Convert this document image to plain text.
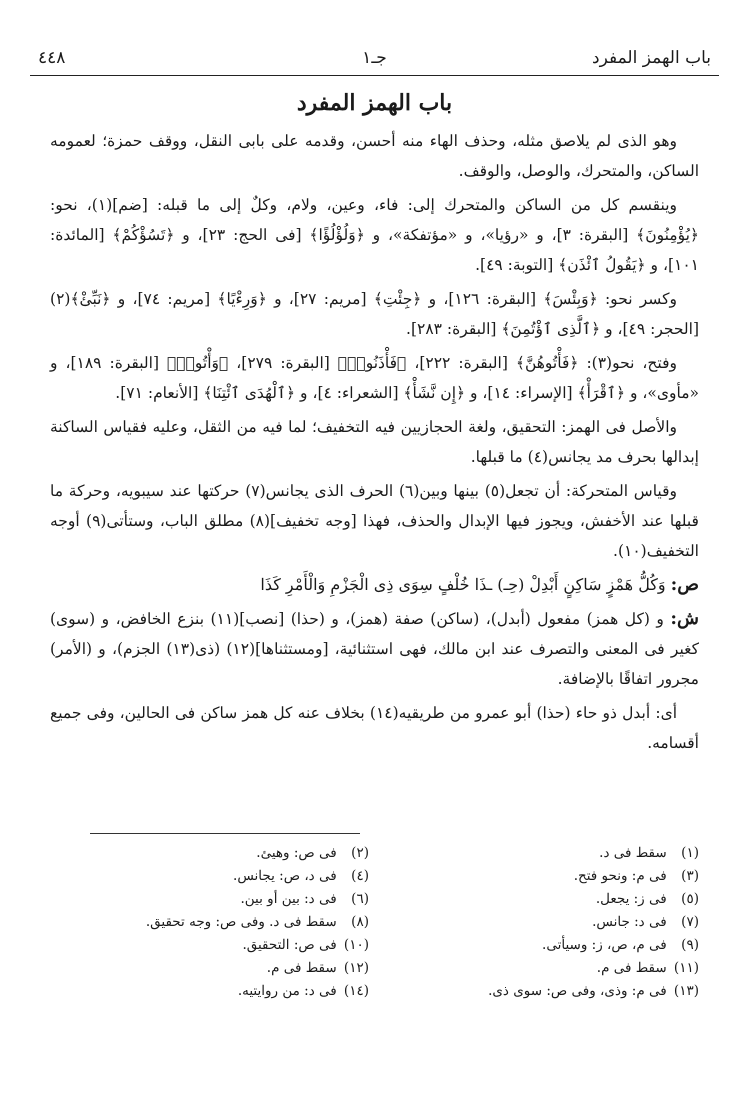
باب الهمز المفرد
جـ١
٤٤٨
باب الهمز المفرد

وهو الذى لم يلاصق مثله، وحذف الهاء منه أحسن، وقدمه على بابى النقل، ووقف حمزة؛ لعمومه الساكن، والمتحرك، والوصل، والوقف.

وينقسم كل من الساكن والمتحرك إلى: فاء، وعين، ولام، وكلٌ إلى ما قبله: [ضم](١)، نحو: ﴿يُؤْمِنُونَ﴾ [البقرة: ٣]، و «رؤيا»، و «مؤتفكة»، و ﴿وَلُؤْلُؤًا﴾ [فى الحج: ٢٣]، و ﴿تَسُؤْكُمْ﴾ [المائدة: ١٠١]، و ﴿يَقُولُ ٱئْذَن﴾ [التوبة: ٤٩].

وكسر نحو: ﴿وَبِئْسَ﴾ [البقرة: ١٢٦]، و ﴿جِئْتِ﴾ [مريم: ٢٧]، و ﴿وَرِءْيًا﴾ [مريم: ٧٤]، و ﴿نَبِّئْ﴾(٢) [الحجر: ٤٩]، و ﴿ٱلَّذِى ٱؤْتُمِنَ﴾ [البقرة: ٢٨٣].

وفتح، نحو(٣): ﴿فَأْتُوهُنَّ﴾ [البقرة: ٢٢٢]، ﴿فَأْذَنُوا۟﴾ [البقرة: ٢٧٩]، ﴿وَأْتُوا۟﴾ [البقرة: ١٨٩]، و «مأوى»، و ﴿ٱقْرَأْ﴾ [الإسراء: ١٤]، و ﴿إِن نَّشَأْ﴾ [الشعراء: ٤]، و ﴿ٱلْهُدَى ٱئْتِنَا﴾ [الأنعام: ٧١].

والأصل فى الهمز: التحقيق، ولغة الحجازيين فيه التخفيف؛ لما فيه من الثقل، وعليه فقياس الساكنة إبدالها بحرف مد يجانس(٤) ما قبلها.

وقياس المتحركة: أن تجعل(٥) بينها وبين(٦) الحرف الذى يجانس(٧) حركتها عند سيبويه، وحركة ما قبلها عند الأخفش، ويجوز فيها الإبدال والحذف، فهذا [وجه تخفيف](٨) مطلق الباب، وستأتى(٩) أوجه التخفيف(١٠).

ص: وَكُلُّ هَمْزٍ سَاكِنٍ أَبْدِلْ (حِـ) ـذَا خُلْفٍ سِوَى ذِى الْجَزْمِ وَالْأَمْرِ كَذَا

ش: و (كل همز) مفعول (أبدل)، (ساكن) صفة (همز)، و (حذا) [نصب](١١) بنزع الخافض، و (سوى) كغير فى المعنى والتصرف عند ابن مالك، فهى استثنائية، [ومستثناها](١٢) (ذى(١٣) الجزم)، و (الأمر) مجرور اتفاقًا بالإضافة.

أى: أبدل ذو حاء (حذا) أبو عمرو من طريقيه(١٤) بخلاف عنه كل همز ساكن فى الحالين، وفى جميع أقسامه.

(١) سقط فى د.
(٣) فى م: ونحو فتح.
(٥) فى ز: يجعل.
(٧) فى د: جانس.
(٩) فى م، ص، ز: وسيأتى.
(١١) سقط فى م.
(١٣) فى م: وذى، وفى ص: سوى ذى.
(٢) فى ص: وهيئ.
(٤) فى د، ص: يجانس.
(٦) فى د: بين أو بين.
(٨) سقط فى د. وفى ص: وجه تحقيق.
(١٠) فى ص: التحقيق.
(١٢) سقط فى م.
(١٤) فى د: من روايتيه.
